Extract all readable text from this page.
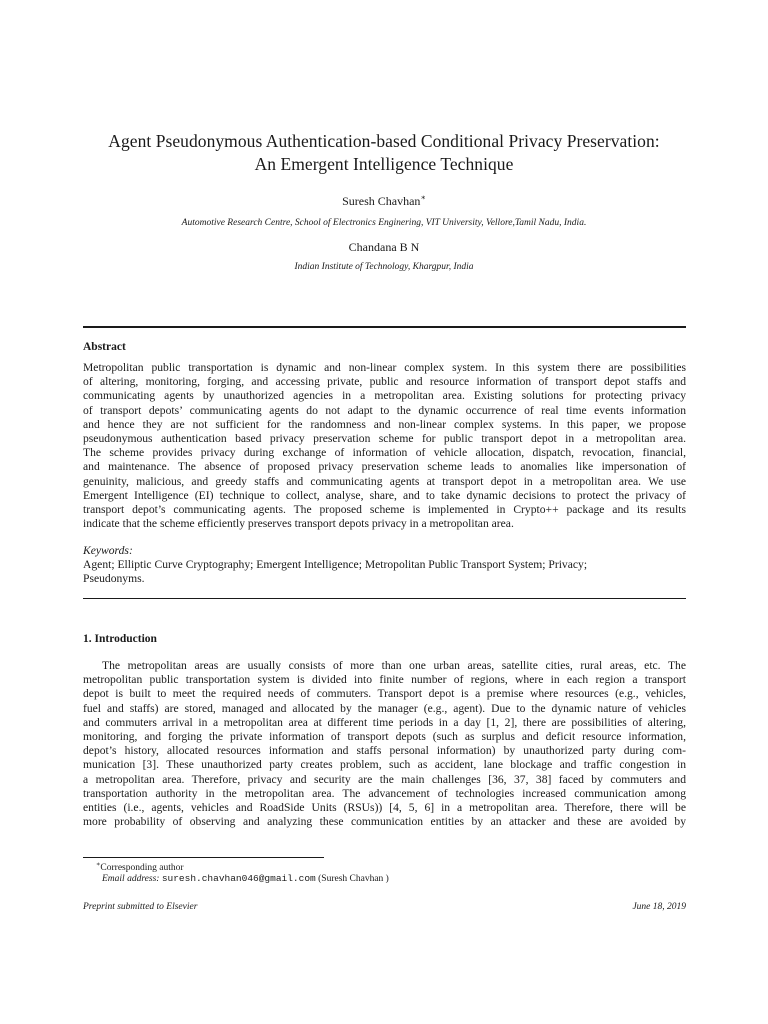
Agent Pseudonymous Authentication-based Conditional Privacy Preservation:
An Emergent Intelligence Technique
Suresh Chavhan∗
Automotive Research Centre, School of Electronics Enginering, VIT University, Vellore,Tamil Nadu, India.
Chandana B N
Indian Institute of Technology, Khargpur, India
Abstract
Metropolitan public transportation is dynamic and non-linear complex system. In this system there are possibilities
of altering, monitoring, forging, and accessing private, public and resource information of transport depot staffs and
communicating agents by unauthorized agencies in a metropolitan area. Existing solutions for protecting privacy
of transport depots’ communicating agents do not adapt to the dynamic occurrence of real time events information
and hence they are not sufficient for the randomness and non-linear complex systems. In this paper, we propose
pseudonymous authentication based privacy preservation scheme for public transport depot in a metropolitan area.
The scheme provides privacy during exchange of information of vehicle allocation, dispatch, revocation, financial,
and maintenance. The absence of proposed privacy preservation scheme leads to anomalies like impersonation of
genuinity, malicious, and greedy staffs and communicating agents at transport depot in a metropolitan area. We use
Emergent Intelligence (EI) technique to collect, analyse, share, and to take dynamic decisions to protect the privacy of
transport depot’s communicating agents. The proposed scheme is implemented in Crypto++ package and its results
indicate that the scheme efficiently preserves transport depots privacy in a metropolitan area.
Keywords:
Agent; Elliptic Curve Cryptography; Emergent Intelligence; Metropolitan Public Transport System; Privacy;
Pseudonyms.
1. Introduction
The metropolitan areas are usually consists of more than one urban areas, satellite cities, rural areas, etc. The
metropolitan public transportation system is divided into finite number of regions, where in each region a transport
depot is built to meet the required needs of commuters. Transport depot is a premise where resources (e.g., vehicles,
fuel and staffs) are stored, managed and allocated by the manager (e.g., agent). Due to the dynamic nature of vehicles
and commuters arrival in a metropolitan area at different time periods in a day [1, 2], there are possibilities of altering,
monitoring, and forging the private information of transport depots (such as surplus and deficit resource information,
depot’s history, allocated resources information and staffs personal information) by unauthorized party during com-
munication [3]. These unauthorized party creates problem, such as accident, lane blockage and traffic congestion in
a metropolitan area. Therefore, privacy and security are the main challenges [36, 37, 38] faced by commuters and
transportation authority in the metropolitan area. The advancement of technologies increased communication among
entities (i.e., agents, vehicles and RoadSide Units (RSUs)) [4, 5, 6] in a metropolitan area. Therefore, there will be
more probability of observing and analyzing these communication entities by an attacker and these are avoided by
∗Corresponding author
Email address: suresh.chavhan046@gmail.com (Suresh Chavhan )
Preprint submitted to Elsevier	June 18, 2019
